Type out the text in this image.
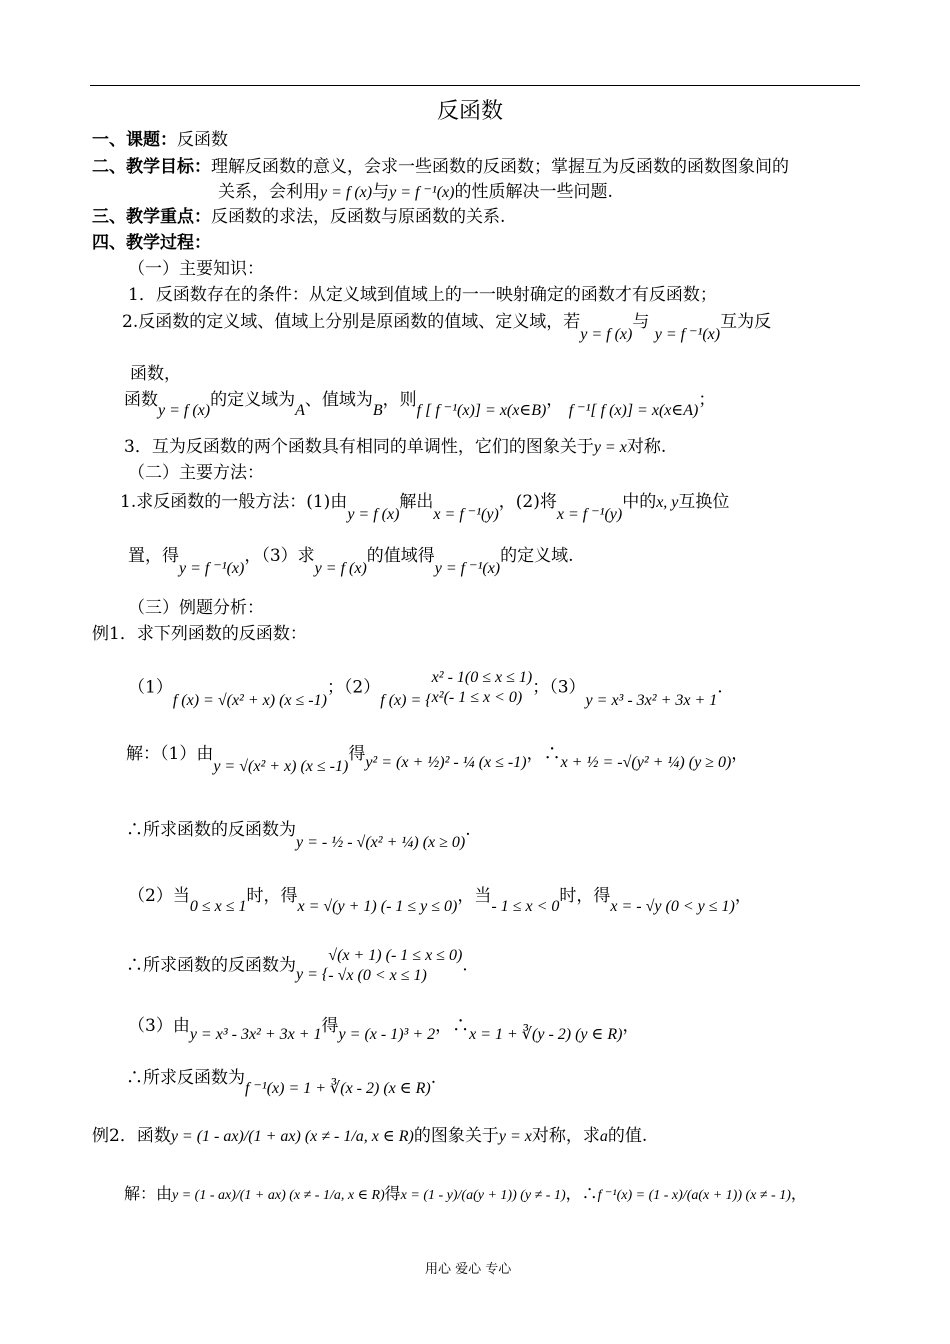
反函数
一、课题：反函数
二、教学目标：理解反函数的意义，会求一些函数的反函数；掌握互为反函数的函数图象间的
关系，会利用y = f (x)与y = f ⁻¹(x)的性质解决一些问题.
三、教学重点：反函数的求法，反函数与原函数的关系.
四、教学过程：
（一）主要知识：
1．反函数存在的条件：从定义域到值域上的一一映射确定的函数才有反函数；
2.反函数的定义域、值域上分别是原函数的值域、定义域，若y = f (x)与 y = f ⁻¹(x)互为反
函数，
函数y = f (x)的定义域为A、值域为B，则f [ f ⁻¹(x)] = x(x∈B)， f ⁻¹[ f (x)] = x(x∈A)；
3．互为反函数的两个函数具有相同的单调性，它们的图象关于y = x对称.
（二）主要方法：
1.求反函数的一般方法：(1)由y = f (x)解出x = f ⁻¹(y)，(2)将x = f ⁻¹(y)中的x, y互换位
置，得y = f ⁻¹(x)，（3）求y = f (x)的值域得y = f ⁻¹(x)的定义域.
（三）例题分析：
例1．求下列函数的反函数：
（1）f (x) = √(x² + x) (x ≤ -1)；（2）f (x) = {
x² - 1(0 ≤ x ≤ 1)
x²(- 1 ≤ x < 0) ；（3）y = x³ - 3x² + 3x + 1.
解：（1）由y = √(x² + x) (x ≤ -1)得y² = (x + ½)² - ¼ (x ≤ -1)，∴x + ½ = -√(y² + ¼) (y ≥ 0)，
∴所求函数的反函数为y = - ½ - √(x² + ¼) (x ≥ 0).
（2）当0 ≤ x ≤ 1时，得x = √(y + 1) (- 1 ≤ y ≤ 0)，当- 1 ≤ x < 0时，得x = - √y (0 < y ≤ 1)，
∴所求函数的反函数为y = {
√(x + 1) (- 1 ≤ x ≤ 0)
- √x (0 < x ≤ 1)	.
（3）由y = x³ - 3x² + 3x + 1得y = (x - 1)³ + 2，∴x = 1 + ∛(y - 2) (y ∈ R)，
∴所求反函数为f ⁻¹(x) = 1 + ∛(x - 2) (x ∈ R).
例2．函数y = (1 - ax)/(1 + ax) (x ≠ - 1/a, x ∈ R)的图象关于y = x对称，求a的值.
解：由y = (1 - ax)/(1 + ax) (x ≠ - 1/a, x ∈ R)得x = (1 - y)/(a(y + 1)) (y ≠ - 1)，∴f ⁻¹(x) = (1 - x)/(a(x + 1)) (x ≠ - 1)，
用心 爱心 专心
